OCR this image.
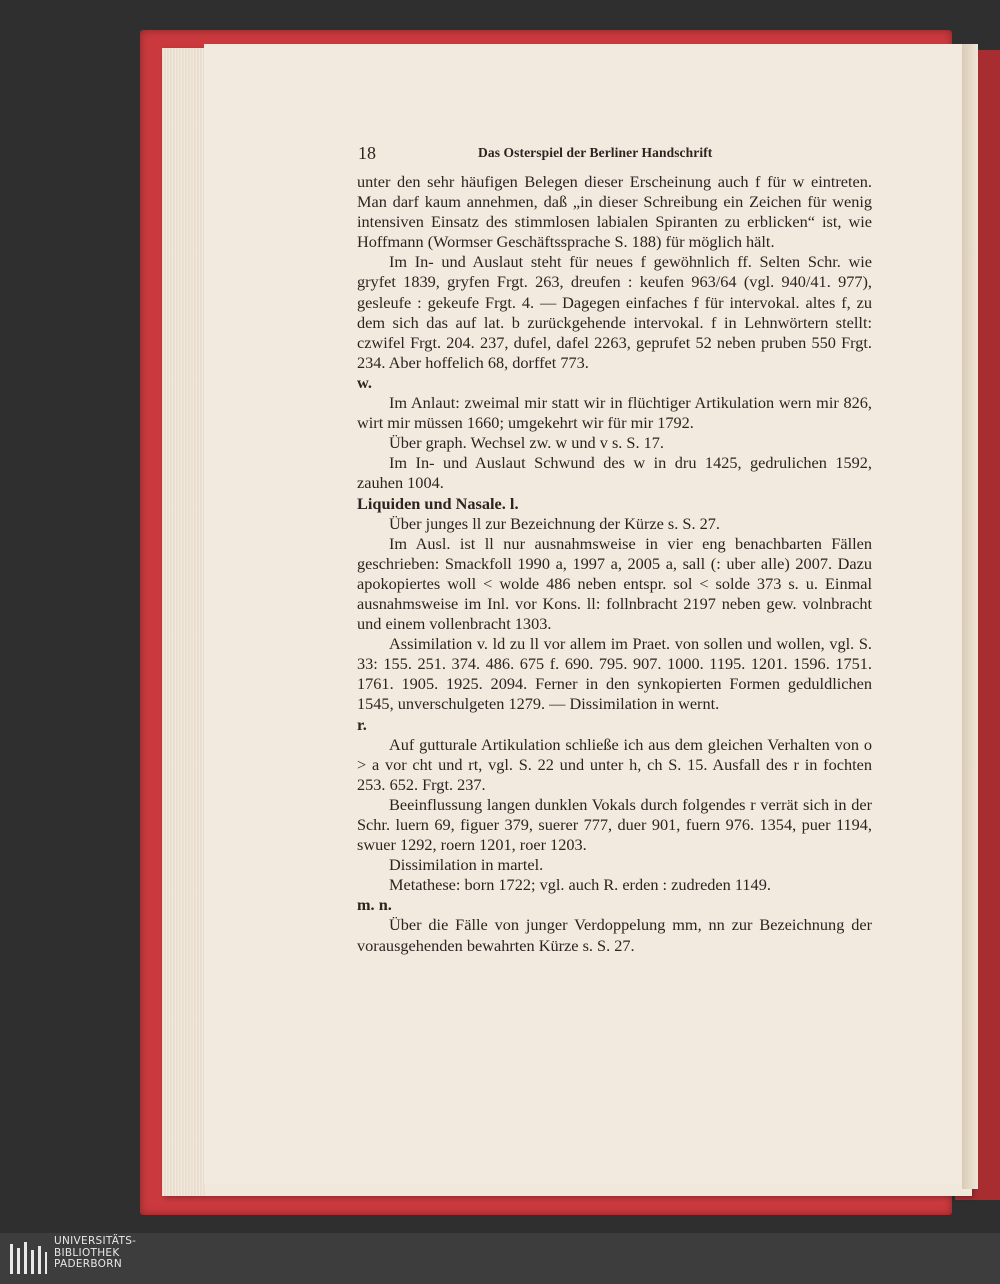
18	Das Osterspiel der Berliner Handschrift

unter den sehr häufigen Belegen dieser Erscheinung auch f für w eintreten. Man darf kaum annehmen, daß „in dieser Schreibung ein Zeichen für wenig intensiven Einsatz des stimmlosen labialen Spiranten zu erblicken“ ist, wie Hoffmann (Wormser Geschäftssprache S. 188) für möglich hält.

Im In- und Auslaut steht für neues f gewöhnlich ff. Selten Schr. wie gryfet 1839, gryfen Frgt. 263, dreufen : keufen 963/64 (vgl. 940/41. 977), gesleufe : gekeufe Frgt. 4. — Dagegen einfaches f für intervokal. altes f, zu dem sich das auf lat. b zurückgehende intervokal. f in Lehnwörtern stellt: czwifel Frgt. 204. 237, dufel, dafel 2263, geprufet 52 neben pruben 550 Frgt. 234. Aber hoffelich 68, dorffet 773.

w.

Im Anlaut: zweimal mir statt wir in flüchtiger Artikulation wern mir 826, wirt mir müssen 1660; umgekehrt wir für mir 1792.

Über graph. Wechsel zw. w und v s. S. 17.

Im In- und Auslaut Schwund des w in dru 1425, gedrulichen 1592, zauhen 1004.

Liquiden und Nasale. l.

Über junges ll zur Bezeichnung der Kürze s. S. 27.

Im Ausl. ist ll nur ausnahmsweise in vier eng benachbarten Fällen geschrieben: Smackfoll 1990 a, 1997 a, 2005 a, sall (: uber alle) 2007. Dazu apokopiertes woll < wolde 486 neben entspr. sol < solde 373 s. u. Einmal ausnahmsweise im Inl. vor Kons. ll: follnbracht 2197 neben gew. volnbracht und einem vollenbracht 1303.

Assimilation v. ld zu ll vor allem im Praet. von sollen und wollen, vgl. S. 33: 155. 251. 374. 486. 675 f. 690. 795. 907. 1000. 1195. 1201. 1596. 1751. 1761. 1905. 1925. 2094. Ferner in den synkopierten Formen geduldlichen 1545, unverschulgeten 1279. — Dissimilation in wernt.

r.

Auf gutturale Artikulation schließe ich aus dem gleichen Verhalten von o > a vor cht und rt, vgl. S. 22 und unter h, ch S. 15. Ausfall des r in fochten 253. 652. Frgt. 237.

Beeinflussung langen dunklen Vokals durch folgendes r verrät sich in der Schr. luern 69, figuer 379, suerer 777, duer 901, fuern 976. 1354, puer 1194, swuer 1292, roern 1201, roer 1203.

Dissimilation in martel.

Metathese: born 1722; vgl. auch R. erden : zudreden 1149.

m. n.

Über die Fälle von junger Verdoppelung mm, nn zur Bezeichnung der vorausgehenden bewahrten Kürze s. S. 27.

UNIVERSITÄTS-
BIBLIOTHEK
PADERBORN
